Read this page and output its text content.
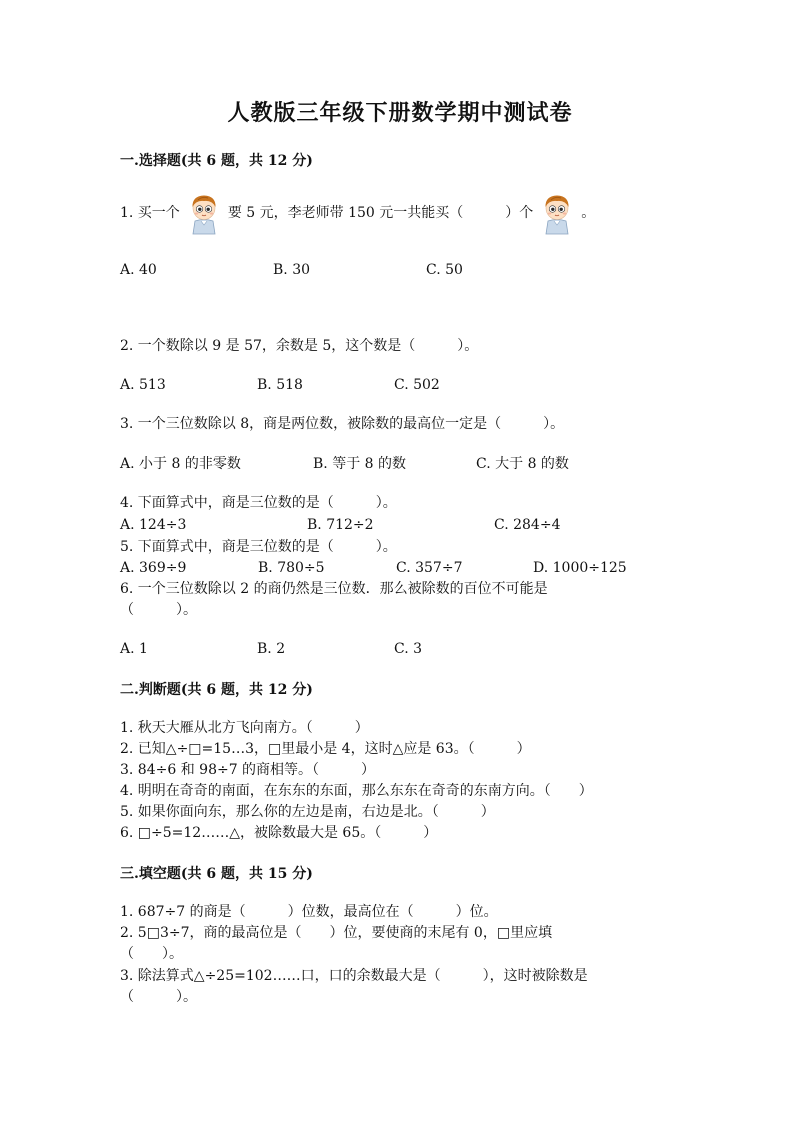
人教版三年级下册数学期中测试卷
一.选择题(共 6 题，共 12 分)
1. 买一个	要 5 元，李老师带 150 元一共能买（　　　）个	。
A. 40	B. 30	C. 50
2. 一个数除以 9 是 57，余数是 5，这个数是（　　　）。
A. 513	B. 518	C. 502
3. 一个三位数除以 8，商是两位数，被除数的最高位一定是（　　　）。
A. 小于 8 的非零数	B. 等于 8 的数	C. 大于 8 的数
4. 下面算式中，商是三位数的是（　　　）。
A. 124÷3	B. 712÷2	C. 284÷4
5. 下面算式中，商是三位数的是（　　　）。
A. 369÷9	B. 780÷5	C. 357÷7	D. 1000÷125
6. 一个三位数除以 2 的商仍然是三位数．那么被除数的百位不可能是
（　　　）。
A. 1	B. 2	C. 3
二.判断题(共 6 题，共 12 分)
1. 秋天大雁从北方飞向南方。（　　　）
2. 已知△÷□=15…3，□里最小是 4，这时△应是 63。（　　　）
3. 84÷6 和 98÷7 的商相等。（　　　）
4. 明明在奇奇的南面，在东东的东面，那么东东在奇奇的东南方向。（　　）
5. 如果你面向东，那么你的左边是南，右边是北。（　　　）
6. □÷5=12……△，被除数最大是 65。（　　　）
三.填空题(共 6 题，共 15 分)
1. 687÷7 的商是（　　　）位数，最高位在（　　　）位。
2. 5□3÷7，商的最高位是（　　）位，要使商的末尾有 0，□里应填
（　　）。
3. 除法算式△÷25=102……口，口的余数最大是（　　　），这时被除数是
（　　　）。
